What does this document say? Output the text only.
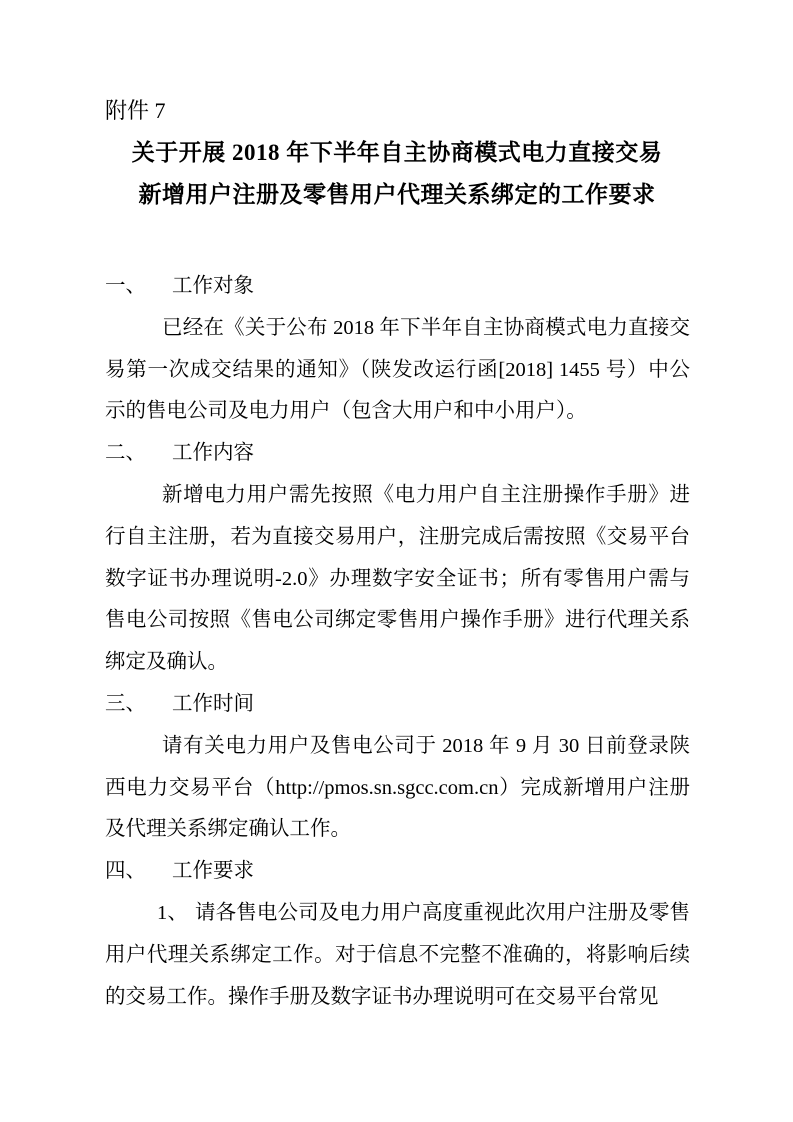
附件 7
关于开展 2018 年下半年自主协商模式电力直接交易
新增用户注册及零售用户代理关系绑定的工作要求

一、 工作对象

已经在《关于公布 2018 年下半年自主协商模式电力直接交易第一次成交结果的通知》（陕发改运行函[2018] 1455 号）中公示的售电公司及电力用户（包含大用户和中小用户）。

二、 工作内容

新增电力用户需先按照《电力用户自主注册操作手册》进行自主注册，若为直接交易用户，注册完成后需按照《交易平台数字证书办理说明-2.0》办理数字安全证书；所有零售用户需与售电公司按照《售电公司绑定零售用户操作手册》进行代理关系绑定及确认。

三、 工作时间

请有关电力用户及售电公司于 2018 年 9 月 30 日前登录陕西电力交易平台（http://pmos.sn.sgcc.com.cn）完成新增用户注册及代理关系绑定确认工作。

四、 工作要求

1、 请各售电公司及电力用户高度重视此次用户注册及零售用户代理关系绑定工作。对于信息不完整不准确的，将影响后续的交易工作。操作手册及数字证书办理说明可在交易平台常见
